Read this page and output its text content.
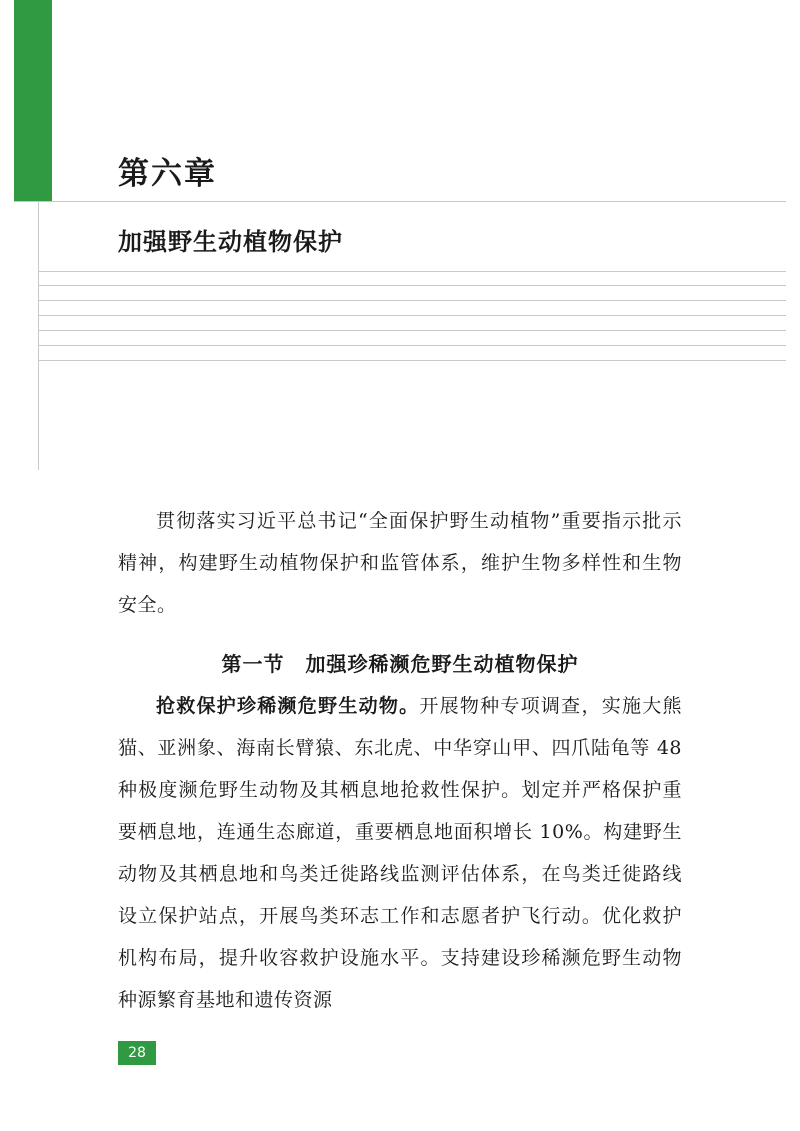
第六章
加强野生动植物保护

贯彻落实习近平总书记“全面保护野生动植物”重要指示批示精神，构建野生动植物保护和监管体系，维护生物多样性和生物安全。

第一节　加强珍稀濒危野生动植物保护

抢救保护珍稀濒危野生动物。开展物种专项调查，实施大熊猫、亚洲象、海南长臂猿、东北虎、中华穿山甲、四爪陆龟等 48 种极度濒危野生动物及其栖息地抢救性保护。划定并严格保护重要栖息地，连通生态廊道，重要栖息地面积增长 10%。构建野生动物及其栖息地和鸟类迁徙路线监测评估体系，在鸟类迁徙路线设立保护站点，开展鸟类环志工作和志愿者护飞行动。优化救护机构布局，提升收容救护设施水平。支持建设珍稀濒危野生动物种源繁育基地和遗传资源

28
